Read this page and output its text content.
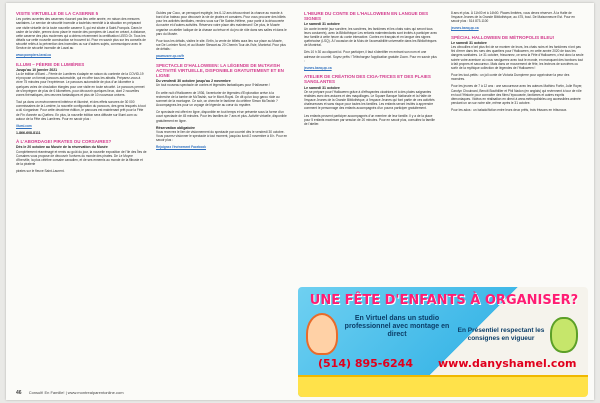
VISITE VIRTUELLE DE LA CASERNE 5
Les portes ouvertes des casernes n'auront pas lieu cette année, en raison des mesures sanitaires. Le service de sécurité incendie a toutefois remédié à la situation en préparant une visite virtuelle de la toute nouvelle caserne 5, qui est située à Saint-François. Dans le cadre de la visite, prenez donc place le monde des pompiers de Laval en créant, à distance, cette caserne des plus modernes qui a obtenu récemment la certification LEED Or. Tous les détails sur cette nouvelle construction se trouvent ici. Pour en savoir plus sur les conseils de sécurité reliés à la prévention des incendies ou sur d'autres sujets, communiquez avec le Service de sécurité incendie de Laval au
www.pompiers.laval.ca
ILLUMI – FÉERIE DE LUMIÈRES
Jusqu'au 10 janvier 2021
La 4e édition d'Illumi – Féerie de Lumières s'adapte en raison du contexte de la COVID-19 et propose un format parcours automobile, qui en offre tous les attraits. Préparez-vous à vivre 75 minutes pour l'expérience. Le parcours automobile de plus d'un kilomètre à quelques voies de circulation élargies pour une visite en toute sécurité. Le parcours permet de s'imprégner de plus de 6 kilomètres, pour découvrir quelques lieux, dont 2 nouvelles zones thématiques, des œuvres fantastiques et plus de 10 nouveaux univers.
Tout ça dans un environnement intérieur et illuminé, et des effets sonores de 30 000 commissaires de la Lumière, la nouvelle configuration du parcours, des gens lesquels à tout a dû s'organiser. Pour cette deuxième édition, le parcours est maintenant prêt pour la Fête de Fin d'année au Québec. En plus, la nouvelle édition sera diffusée sur Illumi.com ou autour de la Fête des Lumières. Pour en savoir plus :
illumi.com
1-866-608-8111
À L'ABORDAGE! PIRATES OU CORSAIRES?
Dès le 20 octobre au Musée de la réservation du Musée
Complètement réaménagé et remis au goût du jour, la nouvelle exposition de l'île des Îles de Corsaires vous propose de découvrir l'univers du monde des pirates. De Le Moyne d'Iberville, la plus célèbre corsaire canadien, et de ses ennemis au monde de la flibuste et de la piraterie
pirates sur le fleuve Saint-Laurent.
Guides par Coco, un perroquet espiègle, les 6-12 ans découvriront la chance au monde à bord d'un bateau pour découvrir la vie de pirates et corsaires. Pour vous procurer des billets pour les activités familiales, rendez-vous sur l'île Sainte-Hélène, pour partir à la découverte du navire et d'autres activités. Réservez votre place dès maintenant ! De plus, le Musée organise un atelier ludique de la chasse au trésor et du jeu de rôle dans ses salles et dans le parc du Musée.
Pour tous les détails, visitez le site. Enfin, la vente de billets aura lieu sur place au Musée, rue De Lorimier Nord, et au Musée Stewart au 20 Chemin Tour-de-l'Isle, Montréal. Pour plus de détails :
paumusee.qc.ca/fr
SPECTACLE D'HALLOWEEN: LA LÉGENDE DE McTAVISH ACTIVITÉ VIRTUELLE, DISPONIBLE GRATUITEMENT ET EN LIGNE
Du vendredi 30 octobre jusqu'au 2 novembre
Un tout nouveau spectacle de contes et légendes fantastiques pour l'Halloween !
En cette nuit d'Halloween de 1936, l'aventurier de légendes d'Exploration arrive à la recherche de la tombe de McTavish, sur le Mont-Royal. On dit qu'un loup garou rôde au sommet de la montagne. Ce soir, on cherche le fantôme du célèbre Simon McTavish ? Accompagnez-les pour un voyage de légende au cœur du mystère.
Ce spectacle est offert en ligne, disponible en tout temps et se présente sous la forme d'un court spectacle de 45 minutes. Pour les familles de 7 ans et plus. Activité virtuelle, disponible gratuitement en ligne.
Réservation obligatoire
Vous recevrez le lien de visionnement du spectacle par courriel dès le vendredi 30 octobre. Vous pourrez visionner le spectacle à tout moment, jusqu'au lundi 2 novembre à 8 h. Pour en savoir plus :
Rejoignez l'événement Facebook
L'HEURE DU CONTE DE L'HALLOWEEN EN LANGUE DES SIGNES
Le samedi 31 octobre
Un conte inventé (sur sorcière, les sorcières, les fantômes et les chats noirs qui seront tous leurs costumés), avec la Bibliothèque Les enfants malentendants sont invités à participer avec leur famille à cette heure du conte interactive. Contes en français et en langue des signes québécoise (LSQ). À l'occasion de la Mois de l'accessibilité universelle dans les Bibliothèques de Montréal.
Dès 10 h 30 au cliquant ici. Pour participer, il faut s'identifier en entrant son nom et une adresse de courriel. Soyez prêts ! Téléchargez l'application gratuite Zoom. Pour en savoir plus :
jeunes.banq.qc.ca
ATELIER DE CRÉATION DES CIGA-TRICES ET DES PLAIES SANGLANTES
Le samedi 31 octobre
On se prépare pour l'Halloween grâce à d'effrayantes cicatrices et à des plaies saignantes réalistes avec des astuces et des maquillages. Le Square Banque Nationale et la Halte de l'espace Jeunes de la Grande Bibliothèque, à l'espace Jeunes qui font partie de ces activités chaleureuses et sans risque pour toutes les familles. Les enfants seront invités à apprendre comment le personnage des enfants accompagnés d'un pourra participer gratuitement.
Les enfants peuvent participer accompagnés d'un membre de leur famille. Il y a de la place pour 5 enfants maximum par session de 20 minutes. Pour en savoir plus, consultez la famille de l'atelier.
8 ans et plus. À 11h00 et à 14h00. Places limitées, vous devez réserver. À la Halte de l'espace Jeunes de la Grande Bibliothèque, au 475, boul. De Maisonneuve Est. Pour en savoir plus : 514 873-1100
jeunes.banq.qc.ca
SPÉCIAL HALLOWEEN DE MÉTROPOLIS BLEU!
Le samedi 31 octobre
Les citrouilles n'ont plus fini de se montrer de leurs, les chats noirs et les fantômes n'ont pas fini d'errer dans les rues des quartiers pour l'Halloween, en cette année 2020 de tous les dangers sanitaires. Le 31 octobre, frissonnez, ce sera la Fête d'Halloween, c'est donc la seule soirée votre aventure où vous naviguerez avec tout le monde, en manquant des bonbons tout à fait propres et savoureux. Mais dans ce mouvement de fête, les lecteurs de sorcières ou sortir de la mythique collection de légendes de l'Halloween !
Pour les tout-petits : un joli conte de Victoria Dumpierre pour apprivoiser la peur des monstres.
Pour les jeunes de 7 à 12 ans : une savoureuse avec les auteurs Mathieu Fortin, Julie Royer, Carolyn Chouinard, Benoît Bouthillier et Phil Nadon (en anglais) qui reviennent à tour de rôle en tout l'Historie pour connaître des films l'épouvante, fantômes et autres esprits démoniaques. Vidéos en réalisation en direct à www.métropolisbleu.org accessibles animée pendant un an sur notre site, même après le 31 octobre.
Pour les ados : un balado/fiction entre leurs deux prêts, trois frissons en tribunaux.
UNE FÊTE D'ENFANTS À ORGANISER?
En Virtuel dans un studio professionnel avec montage en direct
En Présentiel respectant les consignes en vigueur
(514) 895-6244 www.danyshamel.com
46 Consult! En Famille! | www.montrealparentonline.com
